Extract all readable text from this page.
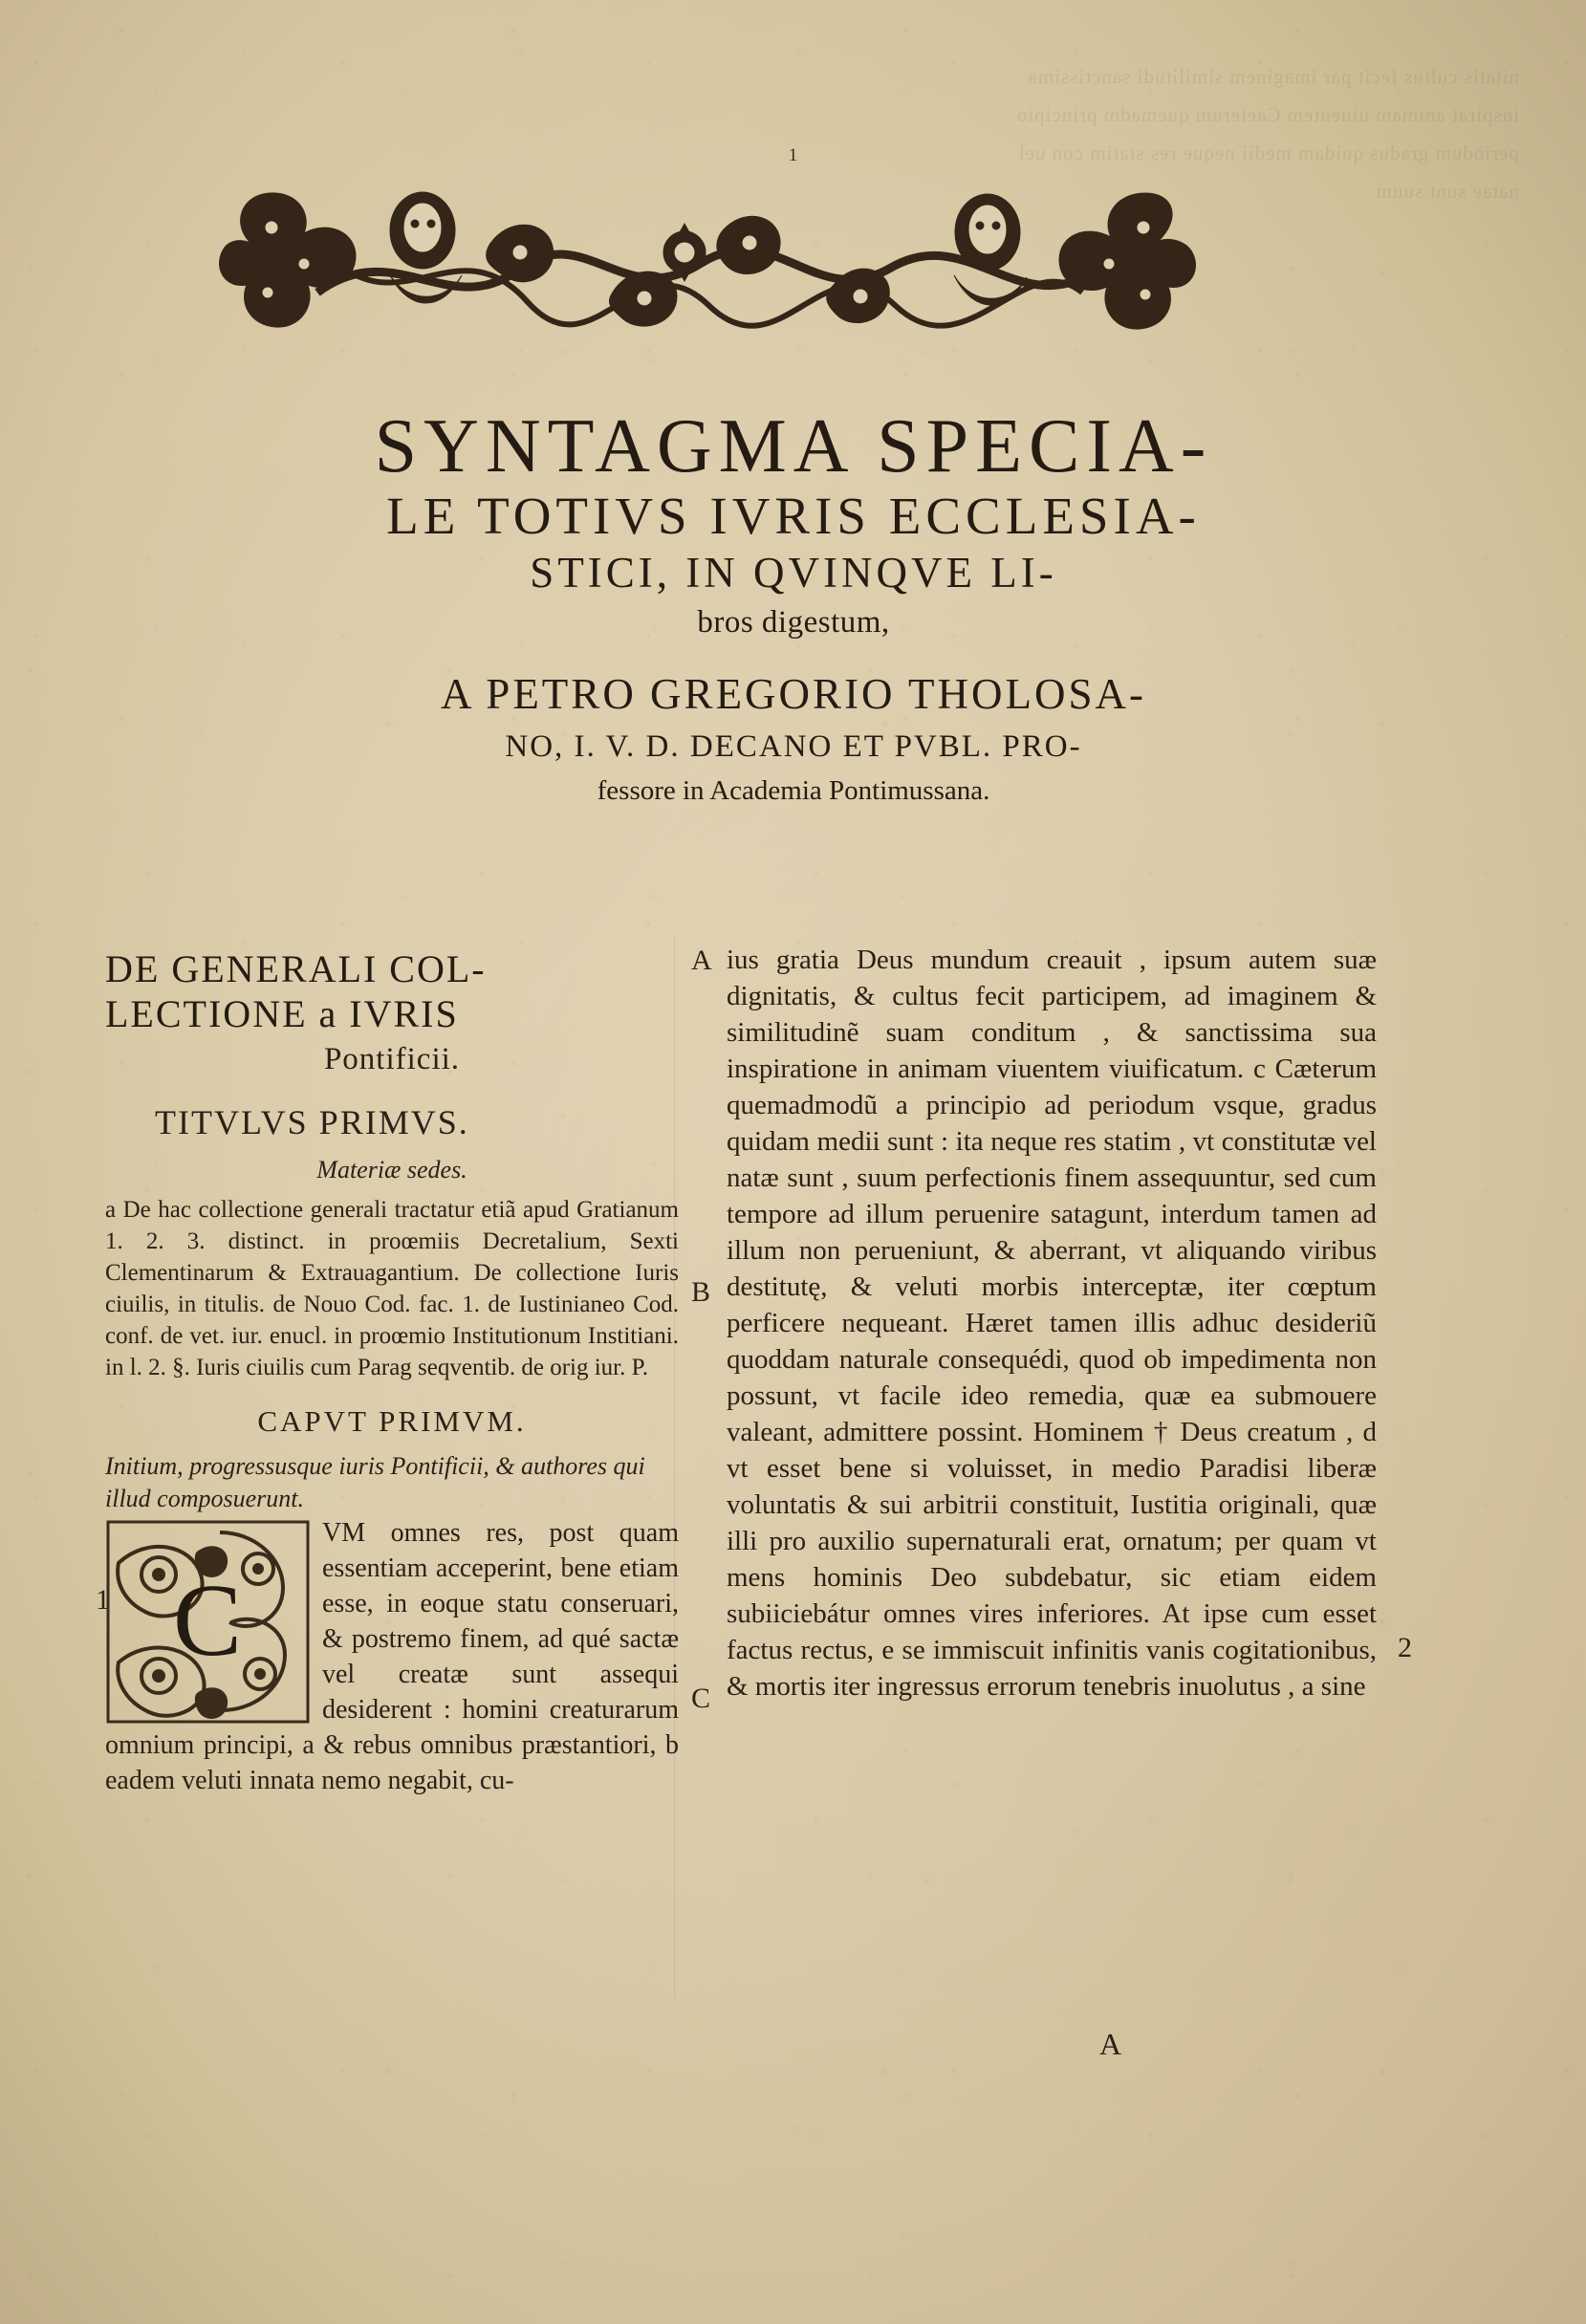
nitatis cultus fecit par imaginem similitudi sanctissima inspirat animam uiuentem Caeterum quemadm principio periodum gradus quidam medii neque res statim con uel natae sunt suum
1
SYNTAGMA SPECIA-
LE TOTIVS IVRIS ECCLESIA-
STICI, IN QVINQVE LI-
bros digestum,
A PETRO GREGORIO THOLOSA-
NO, I. V. D. DECANO ET PVBL. PRO-
fessore in Academia Pontimussana.
A
B
C
1
2
DE GENERALI COL-
LECTIONE a IVRIS
Pontificii.
TITVLVS PRIMVS.
Materiæ sedes.
a De hac collectione generali tractatur etiã apud Gratianum 1. 2. 3. distinct. in proœmiis Decretalium, Sexti Clementinarum & Extrauagantium. De collectione Iuris ciuilis, in titulis. de Nouo Cod. fac. 1. de Iustinianeo Cod. conf. de vet. iur. enucl. in proœmio Institutionum Institiani. in l. 2. §. Iuris ciuilis cum Parag seqventib. de orig iur. P.
CAPVT PRIMVM.
Initium, progressusque iuris Pontificii, & authores qui illud composuerunt.
C
VM omnes res, post quam essentiam acceperint, bene etiam esse, in eoque statu conseruari, & postremo finem, ad qué sactæ vel creatæ sunt assequi desiderent : homini creaturarum omnium principi, a & rebus omnibus præstantiori, b eadem veluti innata nemo negabit, cu-
ius gratia Deus mundum creauit , ipsum autem suæ dignitatis, & cultus fecit participem, ad imaginem & similitudinẽ suam conditum , & sanctissima sua inspiratione in animam viuentem viuificatum. c Cæterum quemadmodũ a principio ad periodum vsque, gradus quidam medii sunt : ita neque res statim , vt constitutæ vel natæ sunt , suum perfectionis finem assequuntur, sed cum tempore ad illum peruenire satagunt, interdum tamen ad illum non perueniunt, & aberrant, vt aliquando viribus destitutę, & veluti morbis interceptæ, iter cœptum perficere nequeant. Hæret tamen illis adhuc desideriũ quoddam naturale consequédi, quod ob impedimenta non possunt, vt facile ideo remedia, quæ ea submouere valeant, admittere possint. Hominem † Deus creatum , d vt esset bene si voluisset, in medio Paradisi liberæ voluntatis & sui arbitrii constituit, Iustitia originali, quæ illi pro auxilio supernaturali erat, ornatum; per quam vt mens hominis Deo subdebatur, sic etiam eidem subiiciebátur omnes vires inferiores. At ipse cum esset factus rectus, e se immiscuit infinitis vanis cogitationibus, & mortis iter ingressus errorum tenebris inuolutus , a sine
A
